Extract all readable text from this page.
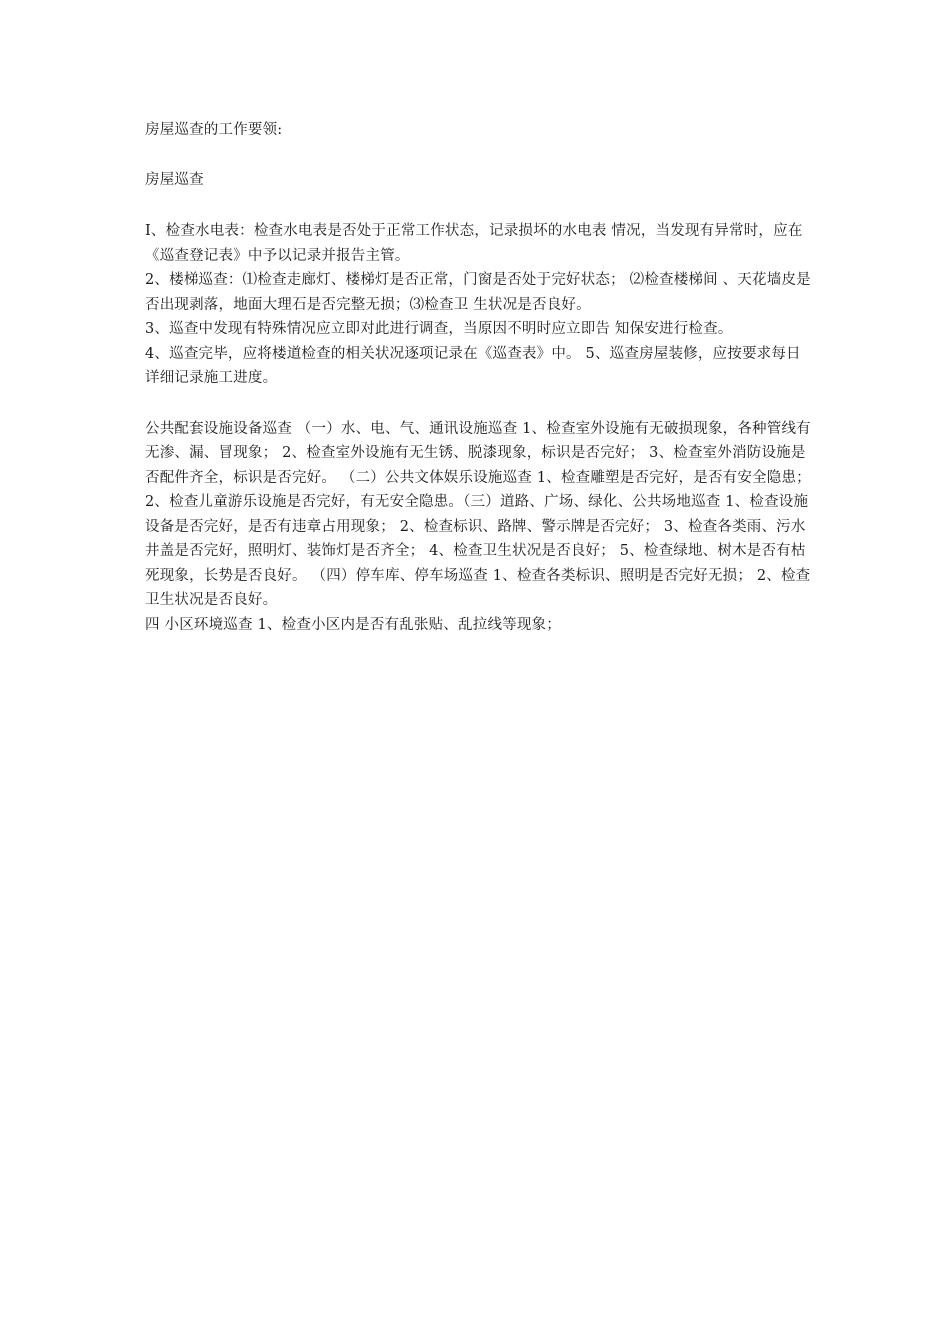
房屋巡查的工作要领:

房屋巡查

I、检查水电表：检查水电表是否处于正常工作状态，记录损坏的水电表 情况，当发现有异常时，应在《巡查登记表》中予以记录并报告主管。

2、楼梯巡查：⑴检查走廊灯、楼梯灯是否正常，门窗是否处于完好状态； ⑵检查楼梯间 、天花墙皮是否出现剥落，地面大理石是否完整无损；⑶检查卫 生状况是否良好。

3、巡查中发现有特殊情况应立即对此进行调查，当原因不明时应立即告 知保安进行检查。

4、巡查完毕，应将楼道检查的相关状况逐项记录在《巡查表》中。 5、巡查房屋装修，应按要求每日详细记录施工进度。

公共配套设施设备巡查 （一）水、电、气、通讯设施巡查 1、检查室外设施有无破损现象，各种管线有无渗、漏、冒现象； 2、检查室外设施有无生锈、脱漆现象，标识是否完好； 3、检查室外消防设施是否配件齐全，标识是否完好。 （二）公共文体娱乐设施巡查 1、检查雕塑是否完好，是否有安全隐患； 2、检查儿童游乐设施是否完好，有无安全隐患。（三）道路、广场、绿化、公共场地巡查 1、检查设施设备是否完好，是否有违章占用现象； 2、检查标识、路牌、警示牌是否完好； 3、检查各类雨、污水井盖是否完好，照明灯、装饰灯是否齐全； 4、检查卫生状况是否良好； 5、检查绿地、树木是否有枯死现象，长势是否良好。 （四）停车库、停车场巡查 1、检查各类标识、照明是否完好无损； 2、检查卫生状况是否良好。

四 小区环境巡查 1、检查小区内是否有乱张贴、乱拉线等现象；
